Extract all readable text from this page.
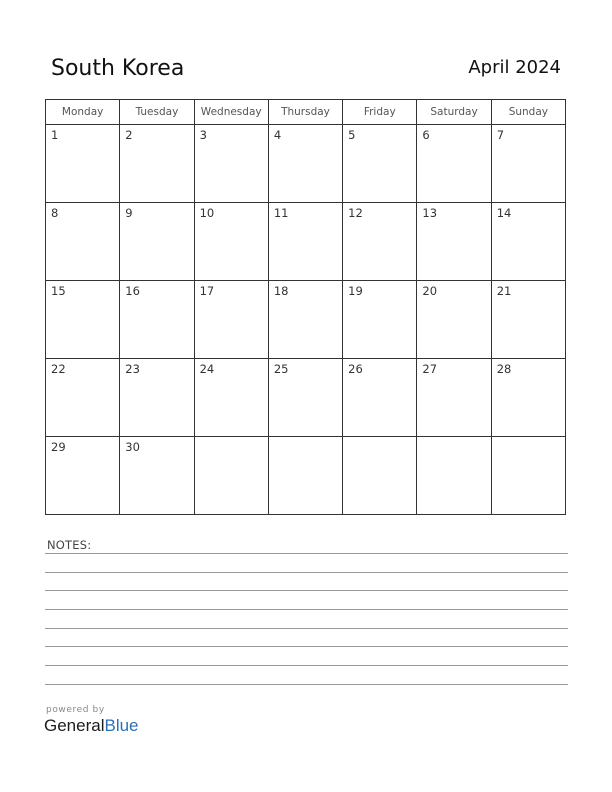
South Korea	April 2024
Monday	Tuesday	Wednesday	Thursday	Friday	Saturday	Sunday

1	2	3	4	5	6	7

8	9	10	11	12	13	14

15	16	17	18	19	20	21

22	23	24	25	26	27	28

29	30					

NOTES:
powered by
GeneralBlue
